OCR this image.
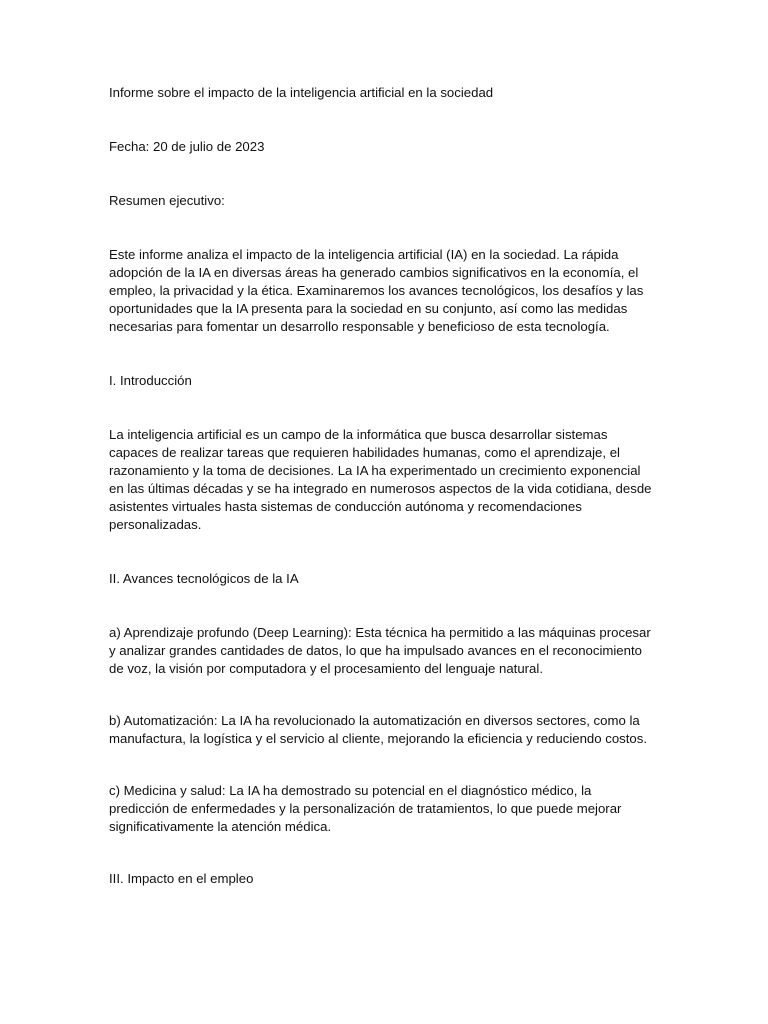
Informe sobre el impacto de la inteligencia artificial en la sociedad

Fecha: 20 de julio de 2023

Resumen ejecutivo:

Este informe analiza el impacto de la inteligencia artificial (IA) en la sociedad. La rápida adopción de la IA en diversas áreas ha generado cambios significativos en la economía, el empleo, la privacidad y la ética. Examinaremos los avances tecnológicos, los desafíos y las oportunidades que la IA presenta para la sociedad en su conjunto, así como las medidas necesarias para fomentar un desarrollo responsable y beneficioso de esta tecnología.

I. Introducción

La inteligencia artificial es un campo de la informática que busca desarrollar sistemas capaces de realizar tareas que requieren habilidades humanas, como el aprendizaje, el razonamiento y la toma de decisiones. La IA ha experimentado un crecimiento exponencial en las últimas décadas y se ha integrado en numerosos aspectos de la vida cotidiana, desde asistentes virtuales hasta sistemas de conducción autónoma y recomendaciones personalizadas.

II. Avances tecnológicos de la IA

a) Aprendizaje profundo (Deep Learning): Esta técnica ha permitido a las máquinas procesar y analizar grandes cantidades de datos, lo que ha impulsado avances en el reconocimiento de voz, la visión por computadora y el procesamiento del lenguaje natural.

b) Automatización: La IA ha revolucionado la automatización en diversos sectores, como la manufactura, la logística y el servicio al cliente, mejorando la eficiencia y reduciendo costos.

c) Medicina y salud: La IA ha demostrado su potencial en el diagnóstico médico, la predicción de enfermedades y la personalización de tratamientos, lo que puede mejorar significativamente la atención médica.

III. Impacto en el empleo
